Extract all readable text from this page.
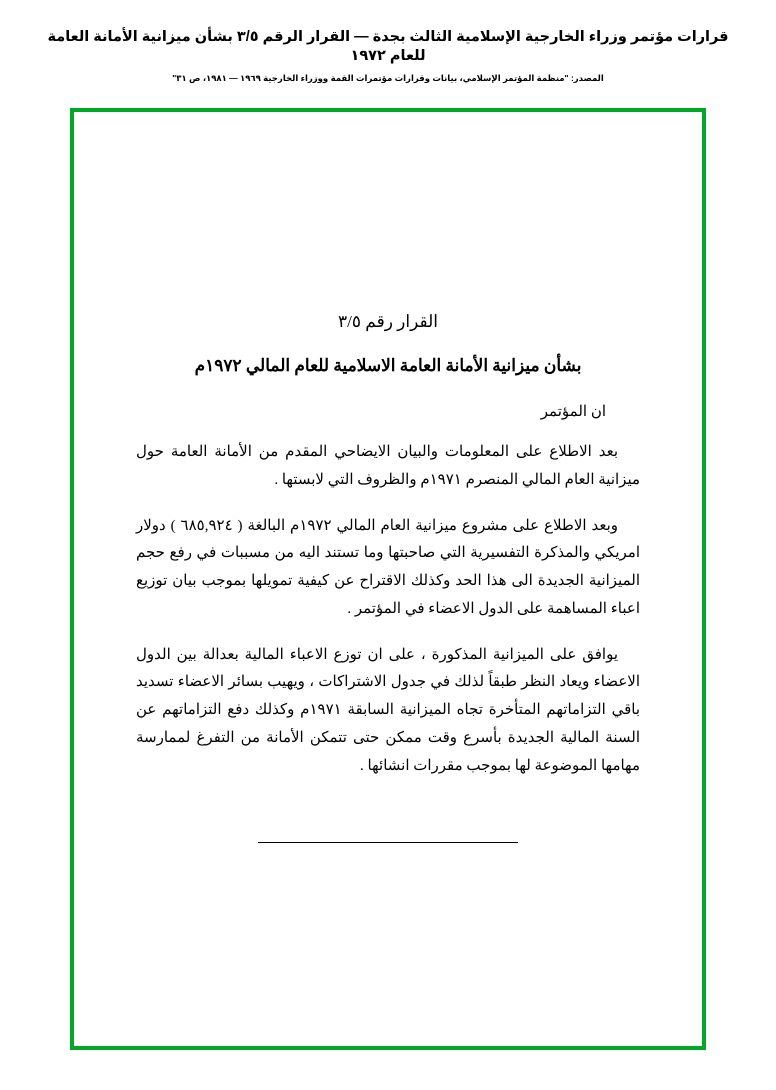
قرارات مؤتمر وزراء الخارجية الإسلامية الثالث بجدة — القرار الرقم ٣/٥ بشأن ميزانية الأمانة العامة للعام ١٩٧٢
المصدر: "منظمة المؤتمر الإسلامي، بيانات وقرارات مؤتمرات القمة ووزراء الخارجية ١٩٦٩ — ١٩٨١، ص ٣١"
القرار رقم ٣/٥
بشأن ميزانية الأمانة العامة الاسلامية للعام المالي ١٩٧٢م
ان المؤتمر

بعد الاطلاع على المعلومات والبيان الايضاحي المقدم من الأمانة العامة حول ميزانية العام المالي المنصرم ١٩٧١م والظروف التي لابستها .

وبعد الاطلاع على مشروع ميزانية العام المالي ١٩٧٢م البالغة ( ٦٨٥,٩٢٤ ) دولار امريكي والمذكرة التفسيرية التي صاحبتها وما تستند اليه من مسببات في رفع حجم الميزانية الجديدة الى هذا الحد وكذلك الاقتراح عن كيفية تمويلها بموجب بيان توزيع اعباء المساهمة على الدول الاعضاء في المؤتمر .

يوافق على الميزانية المذكورة ، على ان توزع الاعباء المالية بعدالة بين الدول الاعضاء ويعاد النظر طبقاً لذلك في جدول الاشتراكات ، ويهيب بسائر الاعضاء تسديد باقي التزاماتهم المتأخرة تجاه الميزانية السابقة ١٩٧١م وكذلك دفع التزاماتهم عن السنة المالية الجديدة بأسرع وقت ممكن حتى تتمكن الأمانة من التفرغ لممارسة مهامها الموضوعة لها بموجب مقررات انشائها .
